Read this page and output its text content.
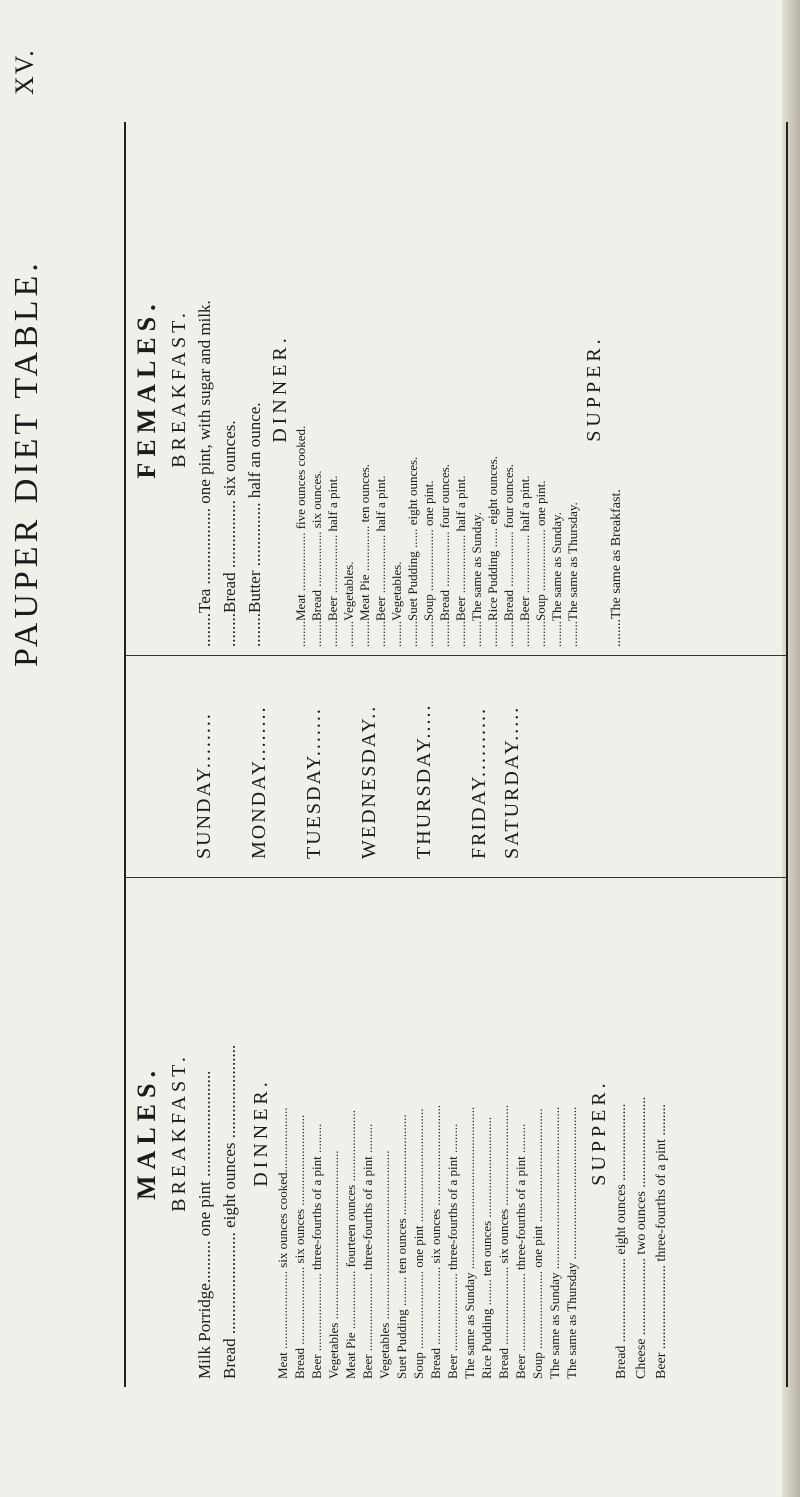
XV.
PAUPER DIET TABLE.
MALES. BREAKFAST. Milk Porridge.......... one pint ......................... Bread ........................ eight ounces ...................... DINNER. Meat ........................ six ounces cooked.................... Bread ........................ six ounces ............................ Beer ........................ three-fourths of a pint ......... Vegetables .................................................... Meat Pie .................. fourteen ounces ...................... Beer ........................ three-fourths of a pint ......... Vegetables .................................................... Suet Pudding ......... ten ounces ............................... Soup ........................ one pint ................................... Bread ........................ six ounces ............................... Beer ........................ three-fourths of a pint ......... The same as Sunday .................................................. Rice Pudding ........ ten ounces ............................... Bread ........................ six ounces ............................... Beer ........................ three-fourths of a pint ......... Soup ........................ one pint ................................... The same as Sunday .................................................. The same as Thursday ............................................... SUPPER. Bread ........................ eight ounces ...................... Cheese ...................... two ounces .......................... Beer ........................ three-fourths of a pint .........
SUNDAY........ MONDAY........ TUESDAY....... WEDNESDAY.. THURSDAY..... FRIDAY.......... SATURDAY.....
FEMALES. BREAKFAST. ........Tea .................. one pint, with sugar and milk. ........Bread ................ six ounces. ........Butter ............... half an ounce.
DINNER.
........Meat .................. five ounces cooked. ........Bread ................. six ounces. ........Beer .................. half a pint. ........Vegetables. ........Meat Pie .............. ten ounces. ........Beer .................. half a pint. ........Vegetables. ........Suet Pudding ...... eight ounces. ........Soup ................... one pint. ........Bread ................. four ounces. ........Beer .................. half a pint. ........The same as Sunday. ........Rice Pudding ...... eight ounces. ........Bread ................. four ounces. ........Beer .................. half a pint. ........Soup ................... one pint. ........The same as Sunday. ........The same as Thursday.
SUPPER.
........The same as Breakfast.
